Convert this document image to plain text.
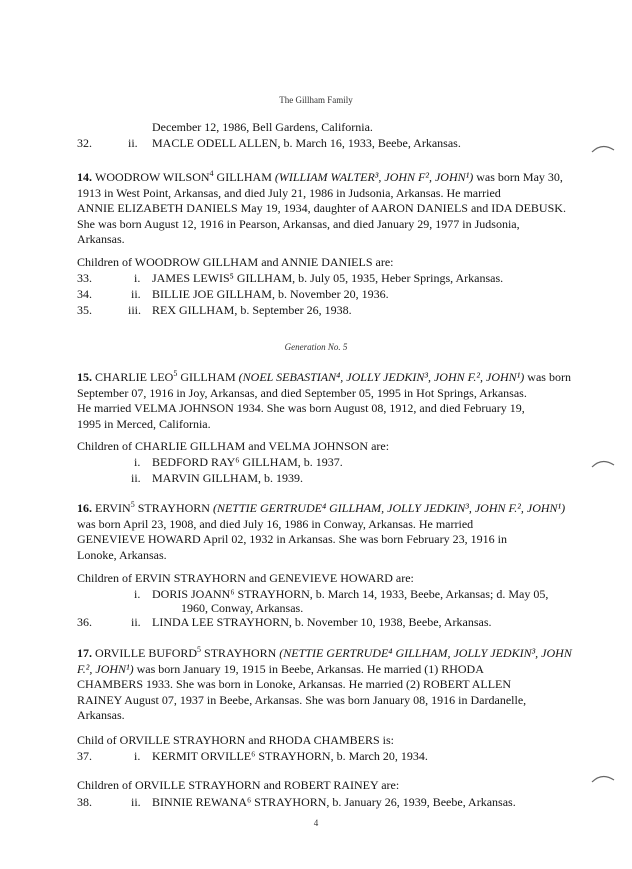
The Gillham Family
December 12, 1986, Bell Gardens, California.
32.	ii. MACLE ODELL ALLEN, b. March 16, 1933, Beebe, Arkansas.

14. WOODROW WILSON$^4$ GILLHAM (WILLIAM WALTER³, JOHN F², JOHN¹) was born May 30,

1913 in West Point, Arkansas, and died July 21, 1986 in Judsonia, Arkansas. He married

ANNIE ELIZABETH DANIELS May 19, 1934, daughter of AARON DANIELS and IDA DEBUSK.

She was born August 12, 1916 in Pearson, Arkansas, and died January 29, 1977 in Judsonia,

Arkansas.

Children of WOODROW GILLHAM and ANNIE DANIELS are:
33.	i. JAMES LEWIS⁵ GILLHAM, b. July 05, 1935, Heber Springs, Arkansas.
34.	ii. BILLIE JOE GILLHAM, b. November 20, 1936.
35.	iii. REX GILLHAM, b. September 26, 1938.
Generation No. 5

15. CHARLIE LEO$^5$ GILLHAM (NOEL SEBASTIAN⁴, JOLLY JEDKIN³, JOHN F.², JOHN¹) was born

September 07, 1916 in Joy, Arkansas, and died September 05, 1995 in Hot Springs, Arkansas.

He married VELMA JOHNSON 1934. She was born August 08, 1912, and died February 19,

1995 in Merced, California.

Children of CHARLIE GILLHAM and VELMA JOHNSON are:
i. BEDFORD RAY⁶ GILLHAM, b. 1937.
ii. MARVIN GILLHAM, b. 1939.

16. ERVIN$^5$ STRAYHORN (NETTIE GERTRUDE⁴ GILLHAM, JOLLY JEDKIN³, JOHN F.², JOHN¹)

was born April 23, 1908, and died July 16, 1986 in Conway, Arkansas. He married

GENEVIEVE HOWARD April 02, 1932 in Arkansas. She was born February 23, 1916 in

Lonoke, Arkansas.

Children of ERVIN STRAYHORN and GENEVIEVE HOWARD are:
i. DORIS JOANN⁶ STRAYHORN, b. March 14, 1933, Beebe, Arkansas; d. May 05,
1960, Conway, Arkansas.
36.	ii. LINDA LEE STRAYHORN, b. November 10, 1938, Beebe, Arkansas.

17. ORVILLE BUFORD$^5$ STRAYHORN (NETTIE GERTRUDE⁴ GILLHAM, JOLLY JEDKIN³, JOHN

F.², JOHN¹) was born January 19, 1915 in Beebe, Arkansas. He married (1) RHODA

CHAMBERS 1933. She was born in Lonoke, Arkansas. He married (2) ROBERT ALLEN

RAINEY August 07, 1937 in Beebe, Arkansas. She was born January 08, 1916 in Dardanelle,

Arkansas.

Child of ORVILLE STRAYHORN and RHODA CHAMBERS is:
37.	i. KERMIT ORVILLE⁶ STRAYHORN, b. March 20, 1934.
Children of ORVILLE STRAYHORN and ROBERT RAINEY are:
38.	ii. BINNIE REWANA⁶ STRAYHORN, b. January 26, 1939, Beebe, Arkansas.
4
